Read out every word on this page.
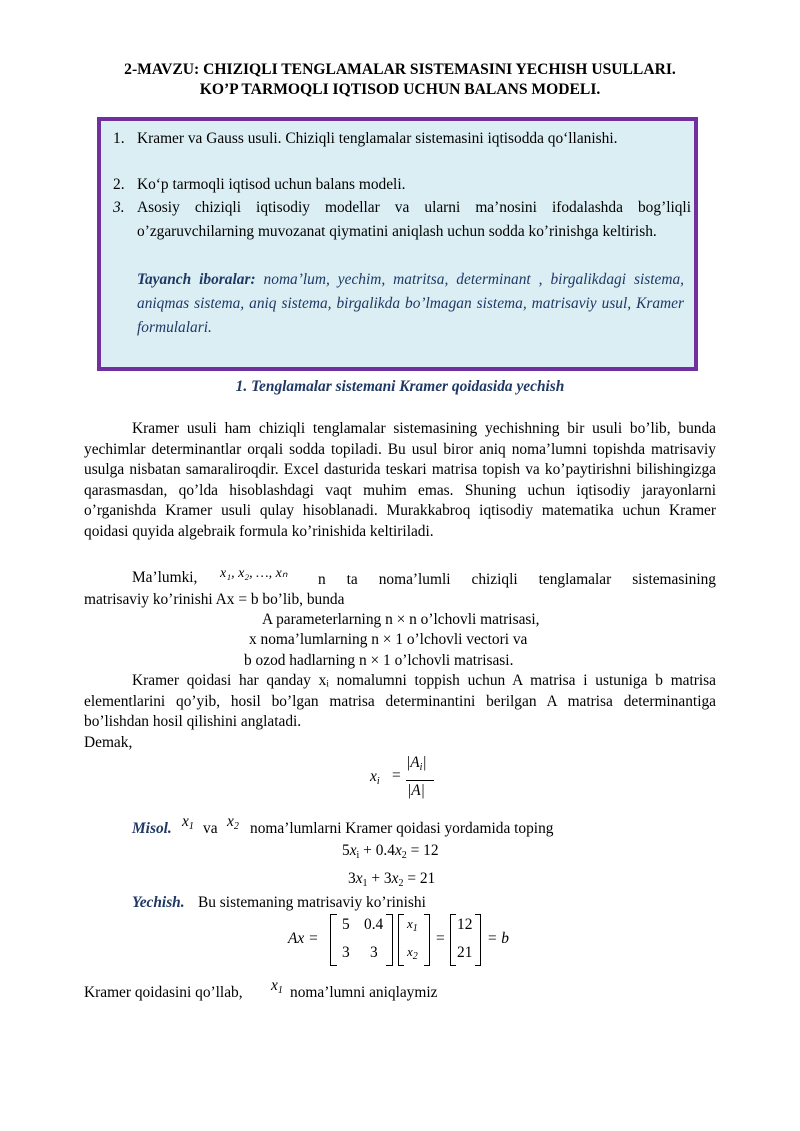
2-MAVZU: CHIZIQLI TENGLAMALAR SISTEMASINI YECHISH USULLARI.
KO’P TARMOQLI IQTISOD UCHUN BALANS MODELI.
1. Kramer va Gauss usuli. Chiziqli tenglamalar sistemasini iqtisodda qo‘llanishi.
2. Ko‘p tarmoqli iqtisod uchun balans modeli.
3. Asosiy chiziqli iqtisodiy modellar va ularni ma’nosini ifodalashda bog’liqli o’zgaruvchilarning muvozanat qiymatini aniqlash uchun sodda ko’rinishga keltirish.
Tayanch iboralar: noma’lum, yechim, matritsa, determinant , birgalikdagi sistema, aniqmas sistema, aniq sistema, birgalikda bo’lmagan sistema, matrisaviy usul, Kramer formulalari.
1. Tenglamalar sistemani Kramer qoidasida yechish
Kramer usuli ham chiziqli tenglamalar sistemasining yechishning bir usuli bo’lib, bunda yechimlar determinantlar orqali sodda topiladi. Bu usul biror aniq noma’lumni topishda matrisaviy usulga nisbatan samaraliroqdir. Excel dasturida teskari matrisa topish va ko’paytirishni bilishingizga qarasmasdan, qo’lda hisoblashdagi vaqt muhim emas. Shuning uchun iqtisodiy jarayonlarni o’rganishda Kramer usuli qulay hisoblanadi. Murakkabroq iqtisodiy matematika uchun Kramer qoidasi quyida algebraik formula ko’rinishida keltiriladi.
Ma’lumki, x₁, x₂, …, xₙ n ta noma’lumli chiziqli tenglamalar sistemasining
matrisaviy ko’rinishi Ax = b bo’lib, bunda
A parameterlarning n × n o’lchovli matrisasi,
x noma’lumlarning n × 1 o’lchovli vectori va
b ozod hadlarning n × 1 o’lchovli matrisasi.
Kramer qoidasi har qanday xᵢ nomalumni toppish uchun A matrisa i ustuniga b matrisa elementlarini qo’yib, hosil bo’lgan matrisa determinantini berilgan A matrisa determinantiga bo’lishdan hosil qilishini anglatadi.
Demak,
$x_i$ =
$|A_i|$
|A|
Misol. $x_1$ va $x_2$ noma’lumlarni Kramer qoidasi yordamida toping
$5x_i + 0.4x_2 = 12$
$3x_1 + 3x_2 = 21$
Yechish. Bu sistemaning matrisaviy ko’rinishi
Ax =
5 0.4
3 3
$x_1$
$x_2$
=
12
21
= b
Kramer qoidasini qo’llab, $x_1$ noma’lumni aniqlaymiz
